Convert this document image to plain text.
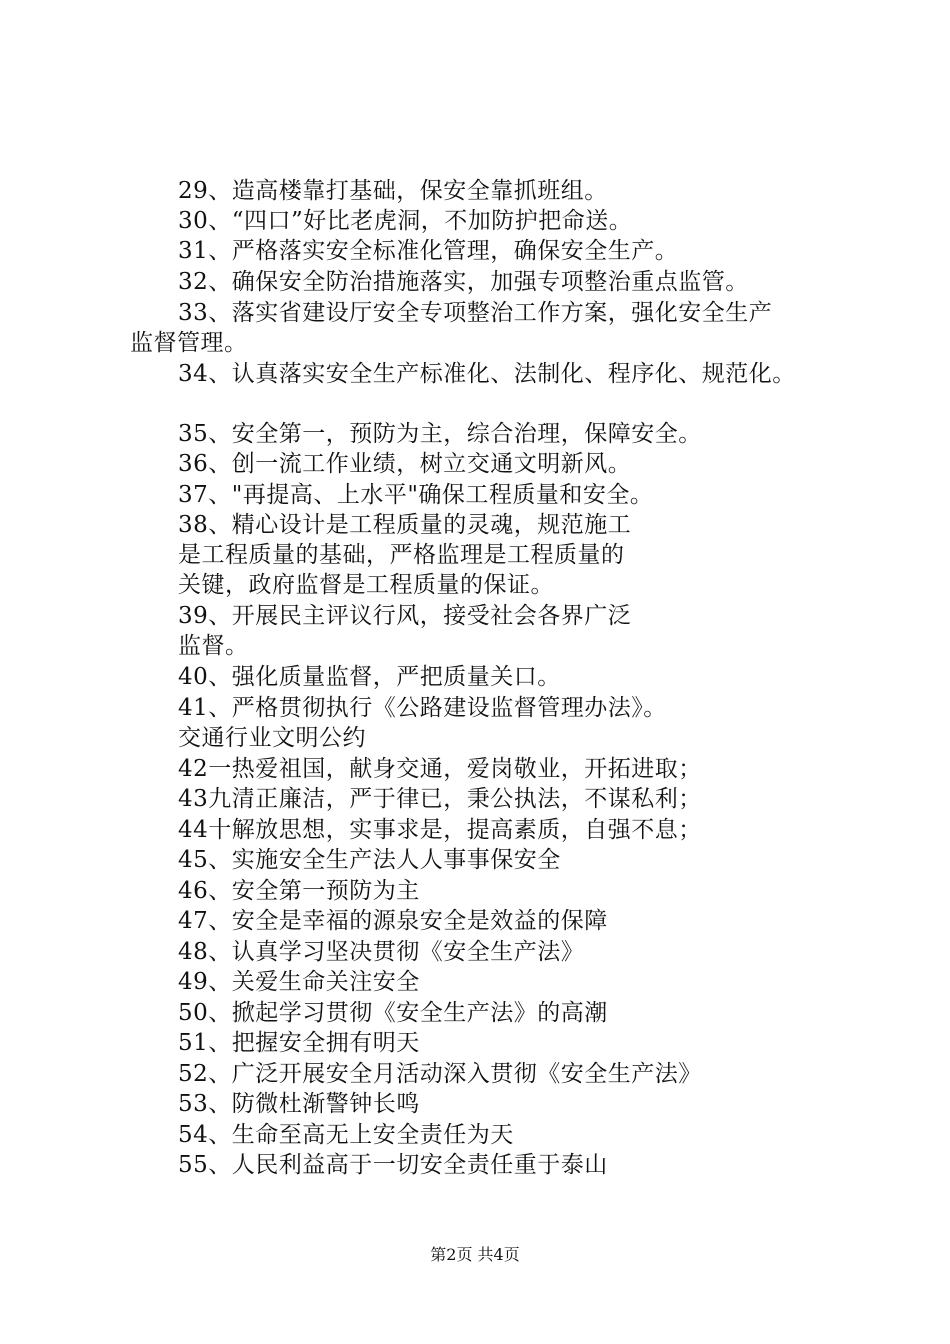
29、造高楼靠打基础，保安全靠抓班组。
30、“四口”好比老虎洞，不加防护把命送。
31、严格落实安全标准化管理，确保安全生产。
32、确保安全防治措施落实，加强专项整治重点监管。
33、落实省建设厅安全专项整治工作方案，强化安全生产
监督管理。
34、认真落实安全生产标准化、法制化、程序化、规范化。
35、安全第一，预防为主，综合治理，保障安全。
36、创一流工作业绩，树立交通文明新风。
37、"再提高、上水平"确保工程质量和安全。
38、精心设计是工程质量的灵魂，规范施工
是工程质量的基础，严格监理是工程质量的
关键，政府监督是工程质量的保证。
39、开展民主评议行风，接受社会各界广泛
监督。
40、强化质量监督，严把质量关口。
41、严格贯彻执行《公路建设监督管理办法》。
交通行业文明公约
42一热爱祖国，献身交通，爱岗敬业，开拓进取；
43九清正廉洁，严于律已，秉公执法，不谋私利；
44十解放思想，实事求是，提高素质，自强不息；
45、实施安全生产法人人事事保安全
46、安全第一预防为主
47、安全是幸福的源泉安全是效益的保障
48、认真学习坚决贯彻《安全生产法》
49、关爱生命关注安全
50、掀起学习贯彻《安全生产法》的高潮
51、把握安全拥有明天
52、广泛开展安全月活动深入贯彻《安全生产法》
53、防微杜渐警钟长鸣
54、生命至高无上安全责任为天
55、人民利益高于一切安全责任重于泰山
第2页 共4页
